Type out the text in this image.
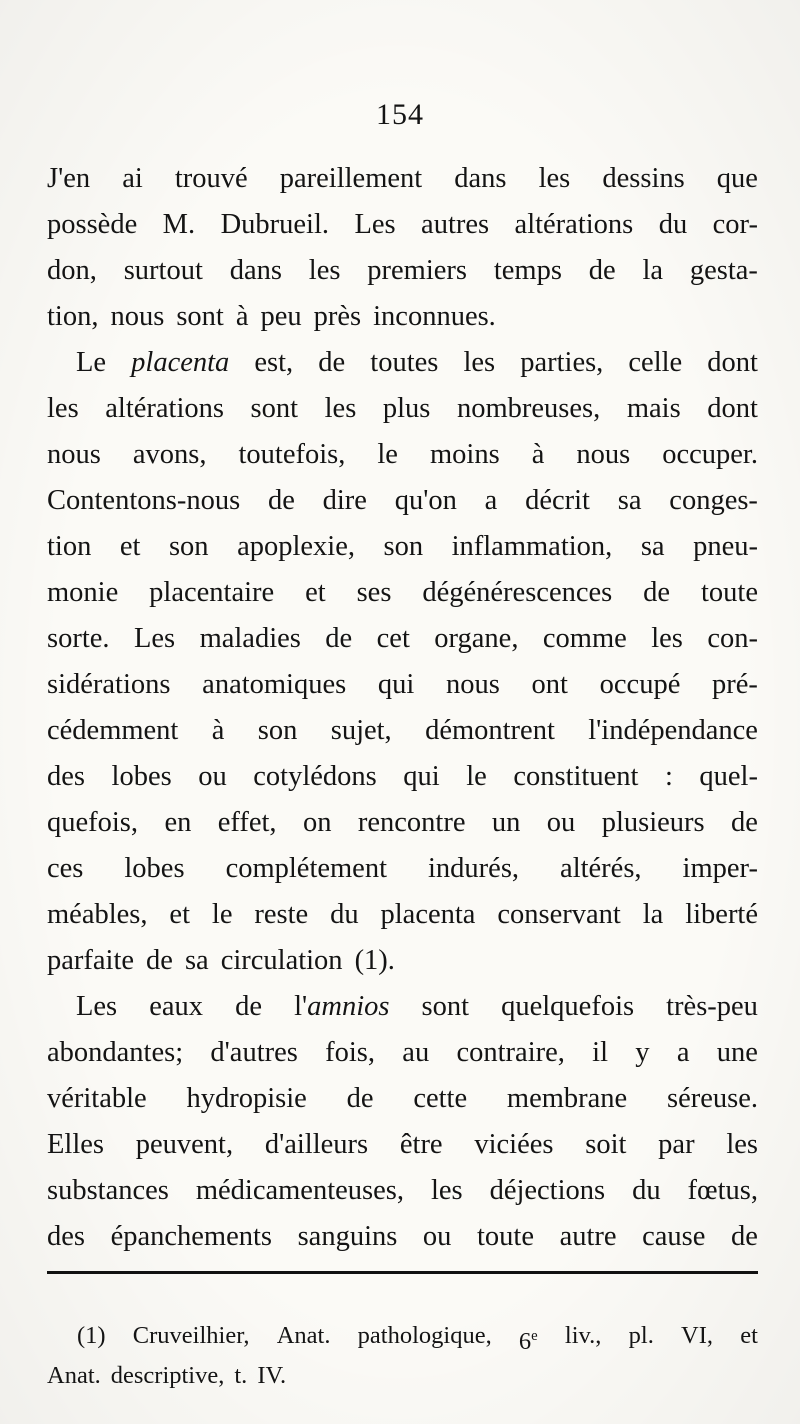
154
J'en ai trouvé pareillement dans les dessins que
possède M. Dubrueil. Les autres altérations du cor-
don, surtout dans les premiers temps de la gesta-
tion, nous sont à peu près inconnues.
Le placenta est, de toutes les parties, celle dont
les altérations sont les plus nombreuses, mais dont
nous avons, toutefois, le moins à nous occuper.
Contentons-nous de dire qu'on a décrit sa conges-
tion et son apoplexie, son inflammation, sa pneu-
monie placentaire et ses dégénérescences de toute
sorte. Les maladies de cet organe, comme les con-
sidérations anatomiques qui nous ont occupé pré-
cédemment à son sujet, démontrent l'indépendance
des lobes ou cotylédons qui le constituent : quel-
quefois, en effet, on rencontre un ou plusieurs de
ces lobes complétement indurés, altérés, imper-
méables, et le reste du placenta conservant la liberté
parfaite de sa circulation (1).
Les eaux de l'amnios sont quelquefois très-peu
abondantes; d'autres fois, au contraire, il y a une
véritable hydropisie de cette membrane séreuse.
Elles peuvent, d'ailleurs être viciées soit par les
substances médicamenteuses, les déjections du fœtus,
des épanchements sanguins ou toute autre cause de
(1) Cruveilhier, Anat. pathologique, 6e liv., pl. VI, et
Anat. descriptive, t. IV.
